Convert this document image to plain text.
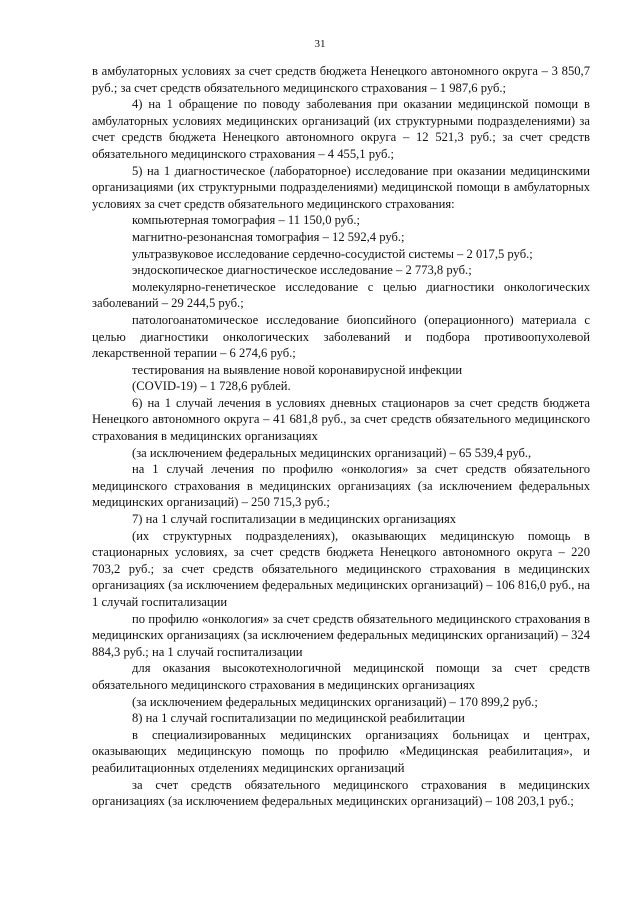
31

в амбулаторных условиях за счет средств бюджета Ненецкого автономного округа – 3 850,7 руб.; за счет средств обязательного медицинского страхования – 1 987,6 руб.;

4) на 1 обращение по поводу заболевания при оказании медицинской помощи в амбулаторных условиях медицинских организаций (их структурными подразделениями) за счет средств бюджета Ненецкого автономного округа – 12 521,3 руб.; за счет средств обязательного медицинского страхования – 4 455,1 руб.;

5) на 1 диагностическое (лабораторное) исследование при оказании медицинскими организациями (их структурными подразделениями) медицинской помощи в амбулаторных условиях за счет средств обязательного медицинского страхования:

компьютерная томография – 11 150,0 руб.;

магнитно-резонансная томография – 12 592,4 руб.;

ультразвуковое исследование сердечно-сосудистой системы – 2 017,5 руб.;

эндоскопическое диагностическое исследование – 2 773,8 руб.;

молекулярно-генетическое исследование с целью диагностики онкологических заболеваний – 29 244,5 руб.;

патологоанатомическое исследование биопсийного (операционного) материала с целью диагностики онкологических заболеваний и подбора противоопухолевой лекарственной терапии – 6 274,6 руб.;

тестирования на выявление новой коронавирусной инфекции

(COVID-19) – 1 728,6 рублей.

6) на 1 случай лечения в условиях дневных стационаров за счет средств бюджета Ненецкого автономного округа – 41 681,8 руб., за счет средств обязательного медицинского страхования в медицинских организациях

(за исключением федеральных медицинских организаций) – 65 539,4 руб.,

на 1 случай лечения по профилю «онкология» за счет средств обязательного медицинского страхования в медицинских организациях (за исключением федеральных медицинских организаций) – 250 715,3 руб.;

7) на 1 случай госпитализации в медицинских организациях

(их структурных подразделениях), оказывающих медицинскую помощь в стационарных условиях, за счет средств бюджета Ненецкого автономного округа – 220 703,2 руб.; за счет средств обязательного медицинского страхования в медицинских организациях (за исключением федеральных медицинских организаций) – 106 816,0 руб., на 1 случай госпитализации

по профилю «онкология» за счет средств обязательного медицинского страхования в медицинских организациях (за исключением федеральных медицинских организаций) – 324 884,3 руб.; на 1 случай госпитализации

для оказания высокотехнологичной медицинской помощи за счет средств обязательного медицинского страхования в медицинских организациях

(за исключением федеральных медицинских организаций) – 170 899,2 руб.;

8) на 1 случай госпитализации по медицинской реабилитации

в специализированных медицинских организациях больницах и центрах, оказывающих медицинскую помощь по профилю «Медицинская реабилитация», и реабилитационных отделениях медицинских организаций

за счет средств обязательного медицинского страхования в медицинских организациях (за исключением федеральных медицинских организаций) – 108 203,1 руб.;
